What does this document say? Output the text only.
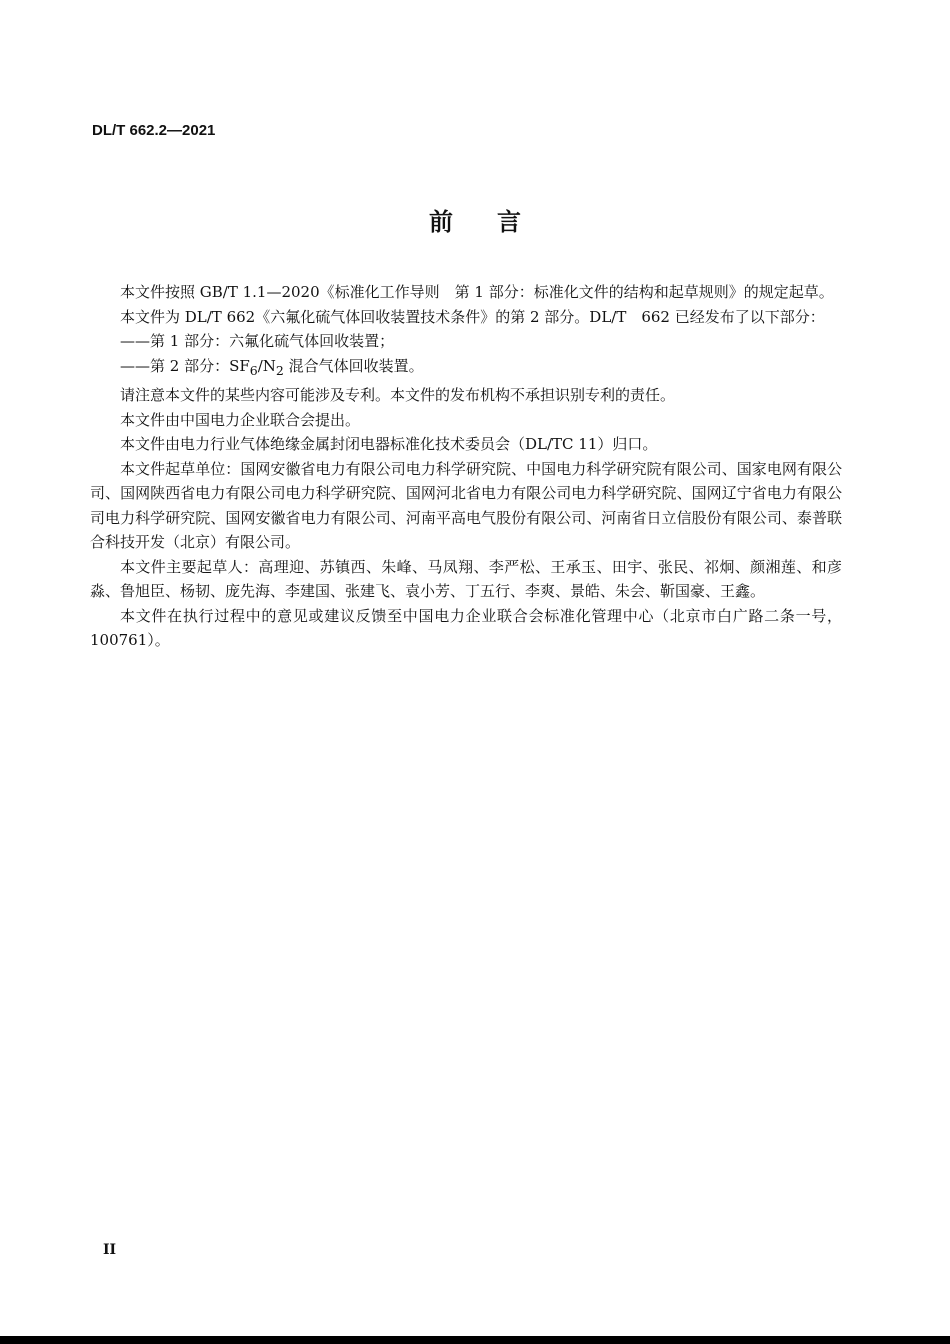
DL/T 662.2—2021
前言

本文件按照 GB/T 1.1—2020《标准化工作导则　第 1 部分：标准化文件的结构和起草规则》的规定起草。

本文件为 DL/T 662《六氟化硫气体回收装置技术条件》的第 2 部分。DL/T　662 已经发布了以下部分：

——第 1 部分：六氟化硫气体回收装置；

——第 2 部分：$SF_6/N_2$ 混合气体回收装置。

请注意本文件的某些内容可能涉及专利。本文件的发布机构不承担识别专利的责任。

本文件由中国电力企业联合会提出。

本文件由电力行业气体绝缘金属封闭电器标准化技术委员会（DL/TC 11）归口。

本文件起草单位：国网安徽省电力有限公司电力科学研究院、中国电力科学研究院有限公司、国家电网有限公司、国网陕西省电力有限公司电力科学研究院、国网河北省电力有限公司电力科学研究院、国网辽宁省电力有限公司电力科学研究院、国网安徽省电力有限公司、河南平高电气股份有限公司、河南省日立信股份有限公司、泰普联合科技开发（北京）有限公司。

本文件主要起草人：高理迎、苏镇西、朱峰、马凤翔、李严松、王承玉、田宇、张民、祁炯、颜湘莲、和彦淼、鲁旭臣、杨韧、庞先海、李建国、张建飞、袁小芳、丁五行、李爽、景皓、朱会、靳国豪、王鑫。

本文件在执行过程中的意见或建议反馈至中国电力企业联合会标准化管理中心（北京市白广路二条一号，100761）。

II
